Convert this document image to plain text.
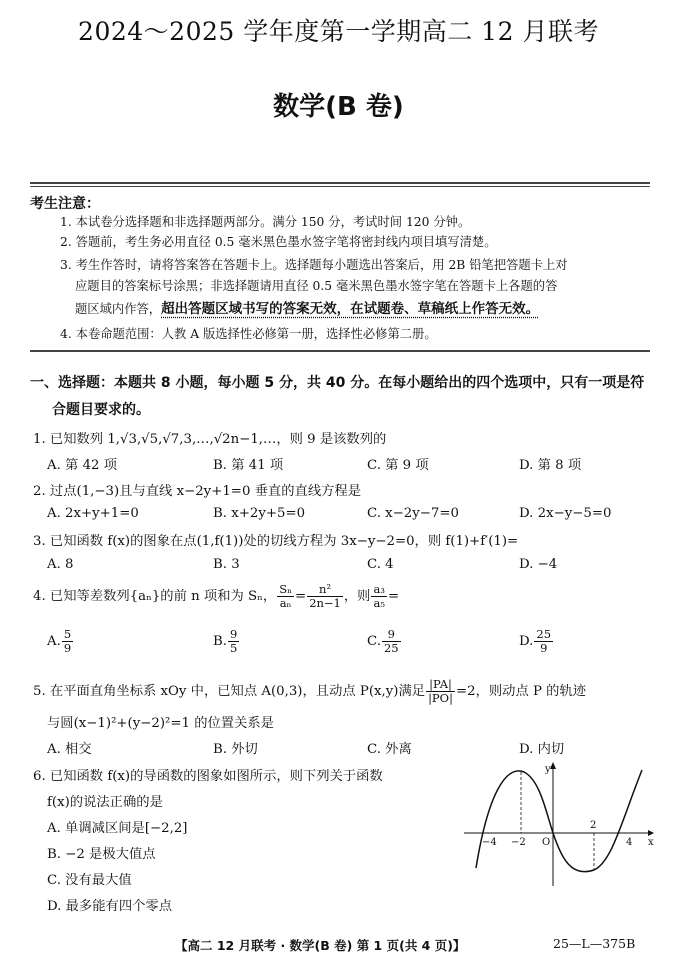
2024～2025 学年度第一学期高二 12 月联考
数学(B 卷)
考生注意：
1. 本试卷分选择题和非选择题两部分。满分 150 分，考试时间 120 分钟。
2. 答题前，考生务必用直径 0.5 毫米黑色墨水签字笔将密封线内项目填写清楚。
3. 考生作答时，请将答案答在答题卡上。选择题每小题选出答案后，用 2B 铅笔把答题卡上对
应题目的答案标号涂黑；非选择题请用直径 0.5 毫米黑色墨水签字笔在答题卡上各题的答
题区域内作答，超出答题区域书写的答案无效，在试题卷、草稿纸上作答无效。
4. 本卷命题范围：人教 A 版选择性必修第一册，选择性必修第二册。
一、选择题：本题共 8 小题，每小题 5 分，共 40 分。在每小题给出的四个选项中，只有一项是符
合题目要求的。
1. 已知数列 1,√3,√5,√7,3,…,√2n−1,…，则 9 是该数列的
A. 第 42 项	B. 第 41 项	C. 第 9 项	D. 第 8 项
2. 过点(1,−3)且与直线 x−2y+1=0 垂直的直线方程是
A. 2x+y+1=0	B. x+2y+5=0	C. x−2y−7=0	D. 2x−y−5=0
3. 已知函数 f(x)的图象在点(1,f(1))处的切线方程为 3x−y−2=0，则 f(1)+f′(1)=
A. 8	B. 3	C. 4	D. −4
4. 已知等差数列{aₙ}的前 n 项和为 Sₙ， $\frac{\text{Sₙ}}{\text{aₙ}} = \frac{\text{n²}}{2n-1}$ ，则 $\frac{\text{a₃}}{\text{a₅}}$ =
A. $\frac{5}{9}$	B. $\frac{9}{5}$	C. $\frac{9}{25}$	D. $\frac{25}{9}$
5. 在平面直角坐标系 xOy 中，已知点 A(0,3)，且动点 P(x,y)满足 $\frac{|PA|}{|PO|} =2$，则动点 P 的轨迹
与圆(x−1)²+(y−2)²=1 的位置关系是
A. 相交	B. 外切	C. 外离	D. 内切
6. 已知函数 f(x)的导函数的图象如图所示，则下列关于函数
f(x)的说法正确的是
A. 单调减区间是[−2,2]
B. −2 是极大值点
C. 没有最大值
D. 最多能有四个零点
y
x
O
−4 −2
2
4
【高二 12 月联考 · 数学(B 卷) 第 1 页(共 4 页)】	25—L—375B
